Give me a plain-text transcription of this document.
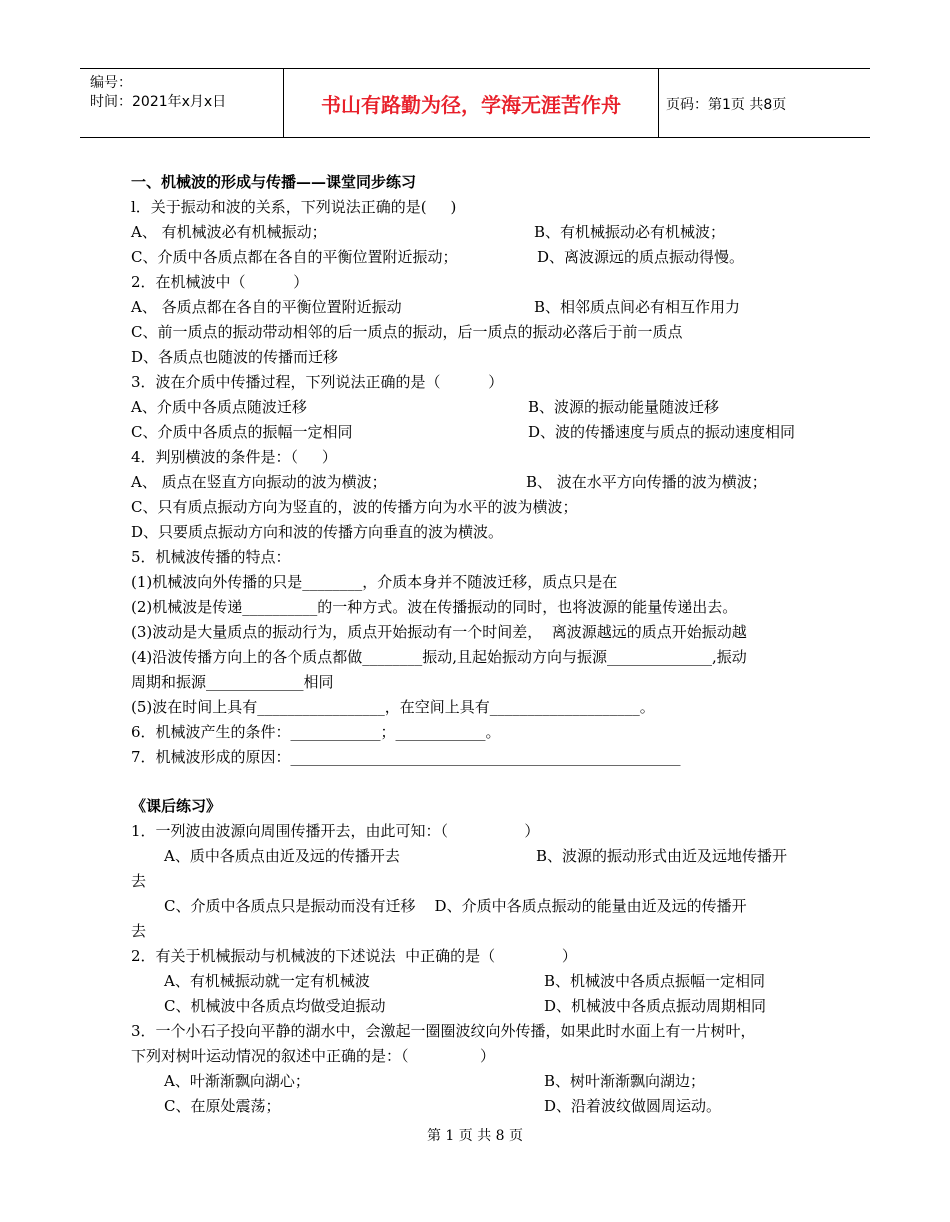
编号：
时间：2021年x月x日	书山有路勤为径，学海无涯苦作舟	页码：第1页 共8页
一、机械波的形成与传播——课堂同步练习
l．关于振动和波的关系，下列说法正确的是(     )
A、 有机械波必有机械振动；	B、有机械振动必有机械波；
C、介质中各质点都在各自的平衡位置附近振动；	D、离波源远的质点振动得慢。
2．在机械波中（          ）
A、 各质点都在各自的平衡位置附近振动	B、相邻质点间必有相互作用力
C、前一质点的振动带动相邻的后一质点的振动，后一质点的振动必落后于前一质点
D、各质点也随波的传播而迁移
3．波在介质中传播过程，下列说法正确的是（          ）
A、介质中各质点随波迁移	B、波源的振动能量随波迁移
C、介质中各质点的振幅一定相同	D、波的传播速度与质点的振动速度相同
4．判别横波的条件是：（     ）
A、 质点在竖直方向振动的波为横波；	B、 波在水平方向传播的波为横波；
C、只有质点振动方向为竖直的，波的传播方向为水平的波为横波；
D、只要质点振动方向和波的传播方向垂直的波为横波。
5．机械波传播的特点：
(1)机械波向外传播的只是________，介质本身并不随波迁移，质点只是在
(2)机械波是传递__________的一种方式。波在传播振动的同时，也将波源的能量传递出去。
(3)波动是大量质点的振动行为，质点开始振动有一个时间差，  离波源越远的质点开始振动越
(4)沿波传播方向上的各个质点都做________振动,且起始振动方向与振源______________,振动
周期和振源_____________相同
(5)波在时间上具有_________________，在空间上具有____________________。
6．机械波产生的条件：____________；____________。
7．机械波形成的原因：____________________________________________________
《课后练习》
1．一列波由波源向周围传播开去，由此可知：（                ）
A、质中各质点由近及远的传播开去	B、波源的振动形式由近及远地传播开
去
C、介质中各质点只是振动而没有迁移    D、介质中各质点振动的能量由近及远的传播开
去
2．有关于机械振动与机械波的下述说法  中正确的是（              ）
A、有机械振动就一定有机械波	B、机械波中各质点振幅一定相同
C、机械波中各质点均做受迫振动	D、机械波中各质点振动周期相同
3．一个小石子投向平静的湖水中，会激起一圈圈波纹向外传播，如果此时水面上有一片树叶，
下列对树叶运动情况的叙述中正确的是：（               ）
A、叶渐渐飘向湖心；	B、树叶渐渐飘向湖边；
C、在原处震荡；	D、沿着波纹做圆周运动。
第 1 页 共 8 页
